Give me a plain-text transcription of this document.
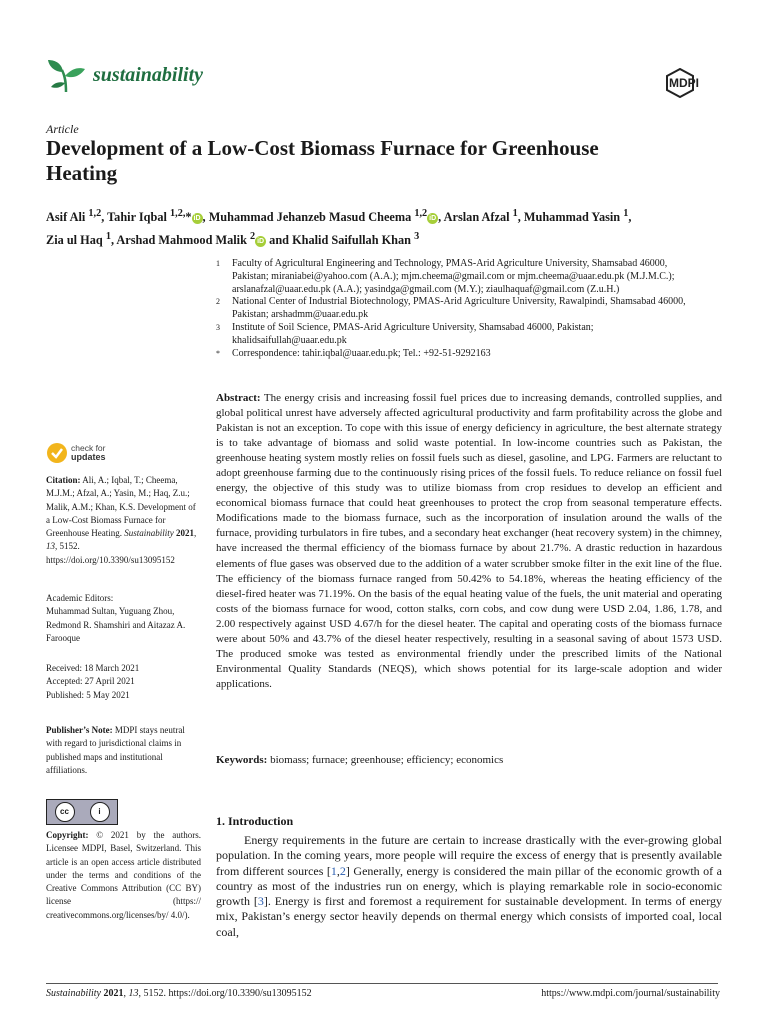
sustainability	MDPI
Article
Development of a Low-Cost Biomass Furnace for Greenhouse Heating
Asif Ali $^{1,2}$, Tahir Iqbal $^{1,2,}$* iD , Muhammad Jehanzeb Masud Cheema $^{1,2}$ iD , Arslan Afzal $^1$, Muhammad Yasin $^1$,
Zia ul Haq $^1$, Arshad Mahmood Malik $^2$ iD and Khalid Saifullah Khan $^3$
1	Faculty of Agricultural Engineering and Technology, PMAS-Arid Agriculture University, Shamsabad 46000, Pakistan; miraniabei@yahoo.com (A.A.); mjm.cheema@gmail.com or mjm.cheema@uaar.edu.pk (M.J.M.C.); arslanafzal@uaar.edu.pk (A.A.); yasindga@gmail.com (M.Y.); ziaulhaquaf@gmail.com (Z.u.H.)
2	National Center of Industrial Biotechnology, PMAS-Arid Agriculture University, Rawalpindi, Shamsabad 46000, Pakistan; arshadmm@uaar.edu.pk
3	Institute of Soil Science, PMAS-Arid Agriculture University, Shamsabad 46000, Pakistan; khalidsaifullah@uaar.edu.pk
*	Correspondence: tahir.iqbal@uaar.edu.pk; Tel.: +92-51-9292163
check for
updates
Citation: Ali, A.; Iqbal, T.; Cheema, M.J.M.; Afzal, A.; Yasin, M.; Haq, Z.u.; Malik, A.M.; Khan, K.S. Development of a Low-Cost Biomass Furnace for Greenhouse Heating. Sustainability 2021, 13, 5152. https://doi.org/10.3390/su13095152
Academic Editors:
Muhammad Sultan, Yuguang Zhou, Redmond R. Shamshiri and Aitazaz A. Farooque
Received: 18 March 2021
Accepted: 27 April 2021
Published: 5 May 2021
Publisher’s Note: MDPI stays neutral with regard to jurisdictional claims in published maps and institutional affiliations.
cc	i
Copyright: © 2021 by the authors. Licensee MDPI, Basel, Switzerland. This article is an open access article distributed under the terms and conditions of the Creative Commons Attribution (CC BY) license (https:// creativecommons.org/licenses/by/ 4.0/).
Abstract: The energy crisis and increasing fossil fuel prices due to increasing demands, controlled supplies, and global political unrest have adversely affected agricultural productivity and farm profitability across the globe and Pakistan is not an exception. To cope with this issue of energy deficiency in agriculture, the best alternate strategy is to take advantage of biomass and solid waste potential. In low-income countries such as Pakistan, the greenhouse heating system mostly relies on fossil fuels such as diesel, gasoline, and LPG. Farmers are reluctant to adopt greenhouse farming due to the continuously rising prices of the fossil fuels. To reduce reliance on fossil fuel energy, the objective of this study was to utilize biomass from crop residues to develop an efficient and economical biomass furnace that could heat greenhouses to protect the crop from seasonal temperature effects. Modifications made to the biomass furnace, such as the incorporation of insulation around the walls of the furnace, providing turbulators in fire tubes, and a secondary heat exchanger (heat recovery system) in the chimney, have increased the thermal efficiency of the biomass furnace by about 21.7%. A drastic reduction in hazardous elements of flue gases was observed due to the addition of a water scrubber smoke filter in the exit line of the flue. The efficiency of the biomass furnace ranged from 50.42% to 54.18%, whereas the heating efficiency of the diesel-fired heater was 71.19%. On the basis of the equal heating value of the fuels, the unit material and operating costs of the biomass furnace for wood, cotton stalks, corn cobs, and cow dung were USD 2.04, 1.86, 1.78, and 2.00 respectively against USD 4.67/h for the diesel heater. The capital and operating costs of the biomass furnace were about 50% and 43.7% of the diesel heater respectively, resulting in a seasonal saving of about 1573 USD. The produced smoke was tested as environmental friendly under the prescribed limits of the National Environmental Quality Standards (NEQS), which shows potential for its large-scale adoption and wider applications.
Keywords: biomass; furnace; greenhouse; efficiency; economics
1. Introduction
Energy requirements in the future are certain to increase drastically with the ever-growing global population. In the coming years, more people will require the excess of energy that is presently available from different sources [1,2] Generally, energy is considered the main pillar of the economic growth of a country as most of the industries run on energy, which is playing remarkable role in socio-economic growth [3]. Energy is first and foremost a requirement for sustainable development. In terms of energy mix, Pakistan’s energy sector heavily depends on thermal energy which consists of imported coal, local coal,
Sustainability 2021, 13, 5152. https://doi.org/10.3390/su13095152	https://www.mdpi.com/journal/sustainability
